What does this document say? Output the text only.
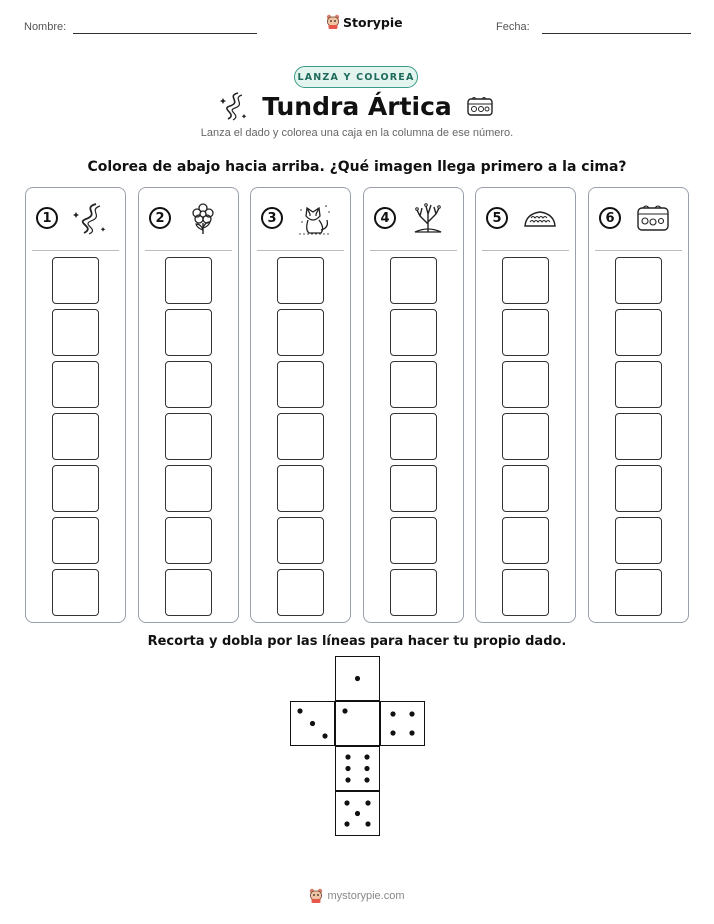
Nombre:	Storypie	Fecha:
LANZA Y COLOREA
Tundra Ártica
Lanza el dado y colorea una caja en la columna de ese número.
Colorea de abajo hacia arriba. ¿Qué imagen llega primero a la cima?
1	2	3	4	5	6
Recorta y dobla por las líneas para hacer tu propio dado.
mystorypie.com
